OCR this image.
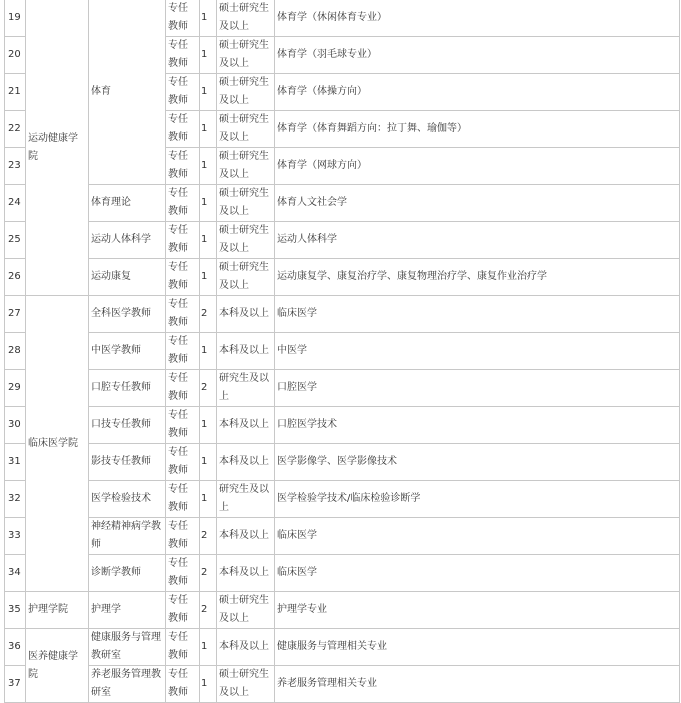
19	运动健康学院	体育	专任教师	1	硕士研究生及以上	体育学（休闲体育专业）
20			专任教师	1	硕士研究生及以上	体育学（羽毛球专业）
21			专任教师	1	硕士研究生及以上	体育学（体操方向）
22			专任教师	1	硕士研究生及以上	体育学（体育舞蹈方向：拉丁舞、瑜伽等）
23			专任教师	1	硕士研究生及以上	体育学（网球方向）
24		体育理论	专任教师	1	硕士研究生及以上	体育人文社会学
25		运动人体科学	专任教师	1	硕士研究生及以上	运动人体科学
26		运动康复	专任教师	1	硕士研究生及以上	运动康复学、康复治疗学、康复物理治疗学、康复作业治疗学
27	临床医学院	全科医学教师	专任教师	2	本科及以上	临床医学
28		中医学教师	专任教师	1	本科及以上	中医学
29		口腔专任教师	专任教师	2	研究生及以上	口腔医学
30		口技专任教师	专任教师	1	本科及以上	口腔医学技术
31		影技专任教师	专任教师	1	本科及以上	医学影像学、医学影像技术
32		医学检验技术	专任教师	1	研究生及以上	医学检验学技术/临床检验诊断学
33		神经精神病学教师	专任教师	2	本科及以上	临床医学
34		诊断学教师	专任教师	2	本科及以上	临床医学
35	护理学院	护理学	专任教师	2	硕士研究生及以上	护理学专业
36	医养健康学院	健康服务与管理教研室	专任教师	1	本科及以上	健康服务与管理相关专业
37		养老服务管理教研室	专任教师	1	硕士研究生及以上	养老服务管理相关专业
